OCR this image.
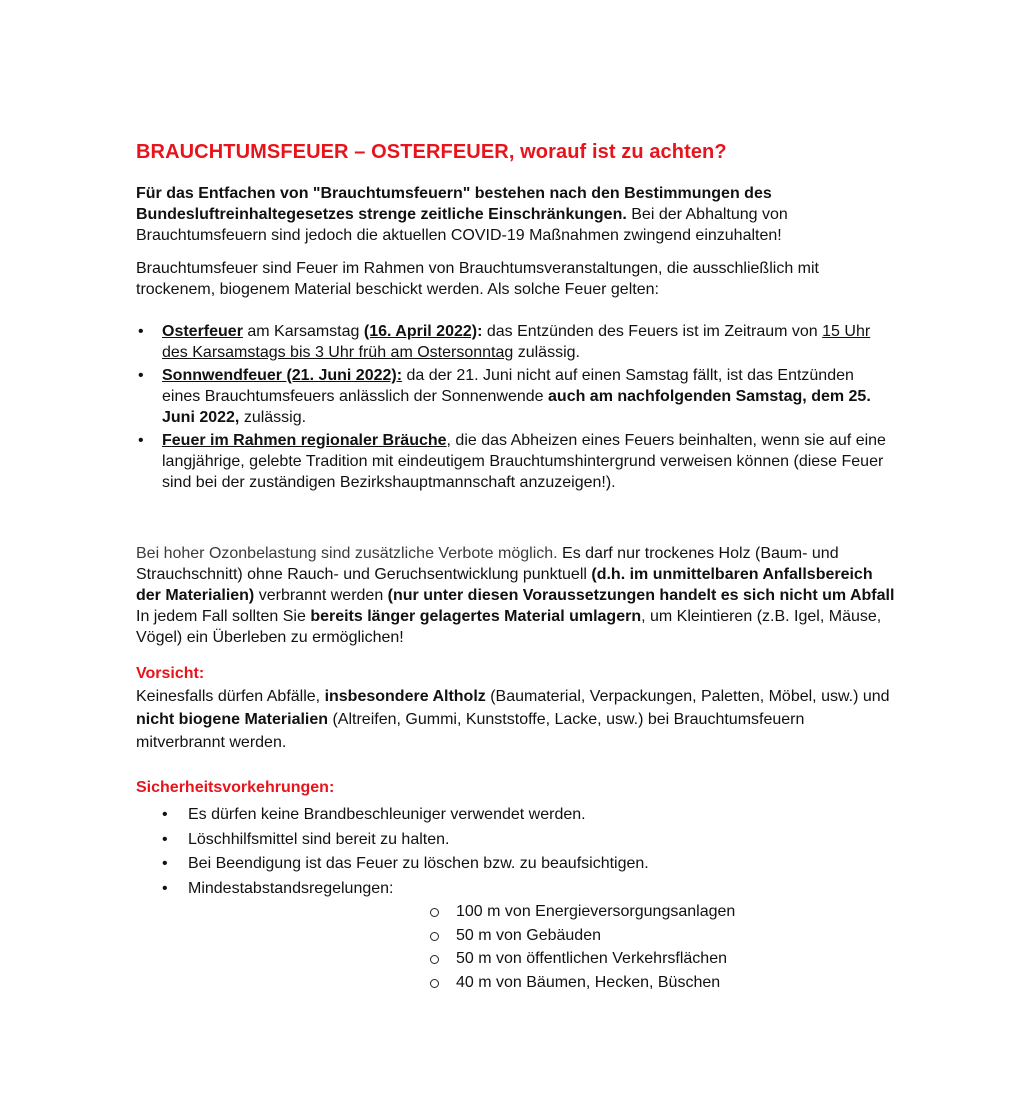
BRAUCHTUMSFEUER – OSTERFEUER, worauf ist zu achten?

Für das Entfachen von "Brauchtumsfeuern" bestehen nach den Bestimmungen des Bundesluftreinhaltegesetzes strenge zeitliche Einschränkungen. Bei der Abhaltung von Brauchtumsfeuern sind jedoch die aktuellen COVID-19 Maßnahmen zwingend einzuhalten!

Brauchtumsfeuer sind Feuer im Rahmen von Brauchtumsveranstaltungen, die ausschließlich mit trockenem, biogenem Material beschickt werden. Als solche Feuer gelten:

• Osterfeuer am Karsamstag (16. April 2022): das Entzünden des Feuers ist im Zeitraum von 15 Uhr des Karsamstags bis 3 Uhr früh am Ostersonntag zulässig.
• Sonnwendfeuer (21. Juni 2022): da der 21. Juni nicht auf einen Samstag fällt, ist das Entzünden eines Brauchtumsfeuers anlässlich der Sonnenwende auch am nachfolgenden Samstag, dem 25. Juni 2022, zulässig.
• Feuer im Rahmen regionaler Bräuche, die das Abheizen eines Feuers beinhalten, wenn sie auf eine langjährige, gelebte Tradition mit eindeutigem Brauchtumshintergrund verweisen können (diese Feuer sind bei der zuständigen Bezirkshauptmannschaft anzuzeigen!).

Bei hoher Ozonbelastung sind zusätzliche Verbote möglich. Es darf nur trockenes Holz (Baum- und Strauchschnitt) ohne Rauch- und Geruchsentwicklung punktuell (d.h. im unmittelbaren Anfallsbereich der Materialien) verbrannt werden (nur unter diesen Voraussetzungen handelt es sich nicht um Abfall In jedem Fall sollten Sie bereits länger gelagertes Material umlagern, um Kleintieren (z.B. Igel, Mäuse, Vögel) ein Überleben zu ermöglichen!

Vorsicht:

Keinesfalls dürfen Abfälle, insbesondere Altholz (Baumaterial, Verpackungen, Paletten, Möbel, usw.) und nicht biogene Materialien (Altreifen, Gummi, Kunststoffe, Lacke, usw.) bei Brauchtumsfeuern mitverbrannt werden.

Sicherheitsvorkehrungen:
• Es dürfen keine Brandbeschleuniger verwendet werden.
• Löschhilfsmittel sind bereit zu halten.
• Bei Beendigung ist das Feuer zu löschen bzw. zu beaufsichtigen.
• Mindestabstandsregelungen:
100 m von Energieversorgungsanlagen
50 m von Gebäuden
50 m von öffentlichen Verkehrsflächen
40 m von Bäumen, Hecken, Büschen
